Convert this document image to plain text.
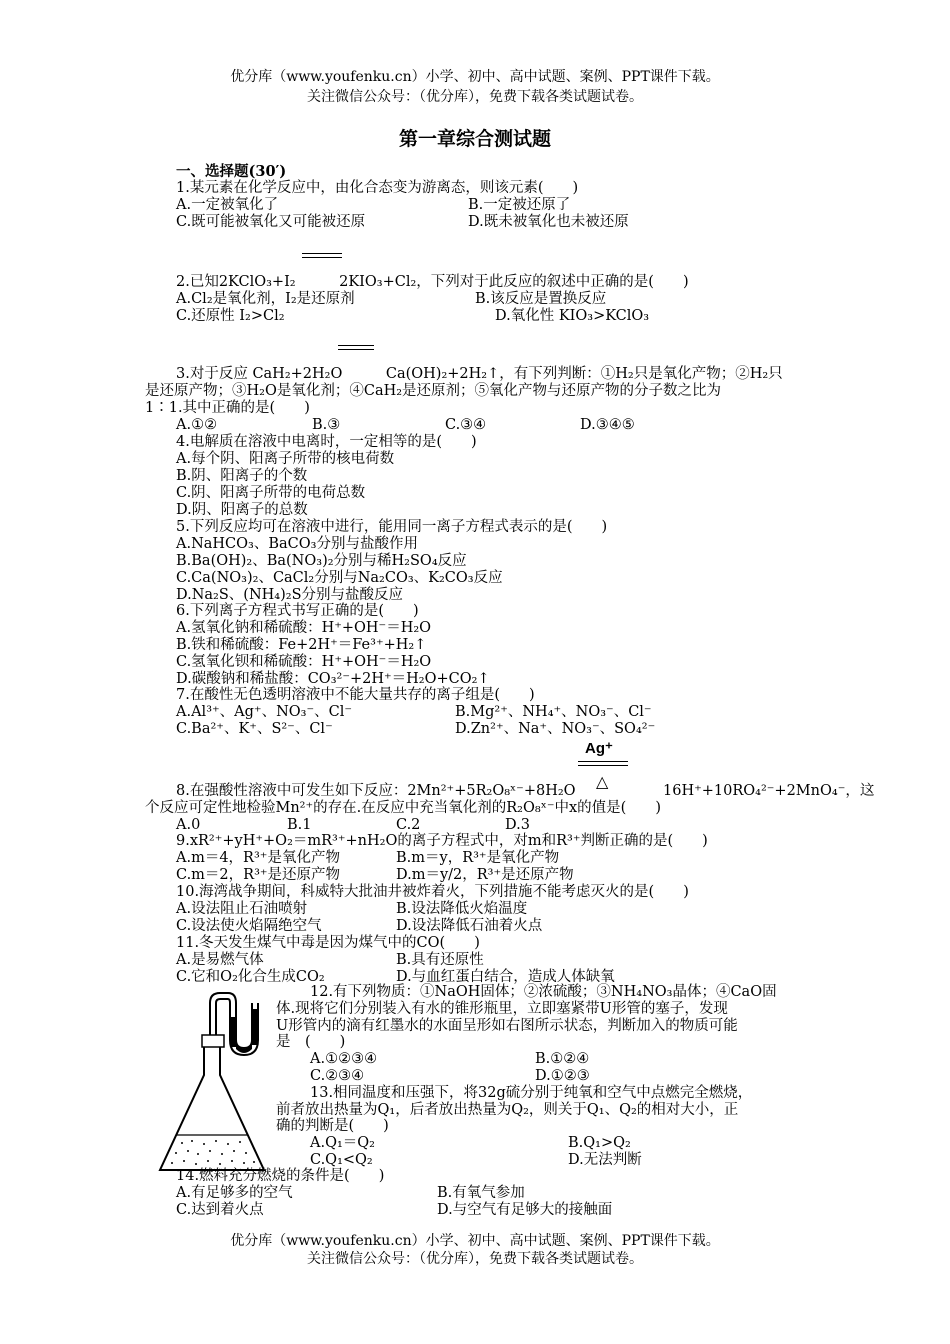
优分库（www.youfenku.cn）小学、初中、高中试题、案例、PPT课件下载。
关注微信公众号：（优分库），免费下载各类试题试卷。
第一章综合测试题
一、选择题(30′)
1.某元素在化学反应中，由化合态变为游离态，则该元素(　　)
A.一定被氧化了	B.一定被还原了
C.既可能被氧化又可能被还原	D.既未被氧化也未被还原
2.已知2KClO₃+I₂　　　2KIO₃+Cl₂，下列对于此反应的叙述中正确的是(　　)
A.Cl₂是氧化剂，I₂是还原剂	B.该反应是置换反应
C.还原性 I₂>Cl₂	D.氧化性 KIO₃>KClO₃
3.对于反应 CaH₂+2H₂O　　　Ca(OH)₂+2H₂↑，有下列判断：①H₂只是氧化产物；②H₂只
是还原产物；③H₂O是氧化剂；④CaH₂是还原剂；⑤氧化产物与还原产物的分子数之比为
1∶1.其中正确的是(　　)
A.①②	B.③	C.③④	D.③④⑤
4.电解质在溶液中电离时，一定相等的是(　　)
A.每个阴、阳离子所带的核电荷数
B.阴、阳离子的个数
C.阴、阳离子所带的电荷总数
D.阴、阳离子的总数
5.下列反应均可在溶液中进行，能用同一离子方程式表示的是(　　)
A.NaHCO₃、BaCO₃分别与盐酸作用
B.Ba(OH)₂、Ba(NO₃)₂分别与稀H₂SO₄反应
C.Ca(NO₃)₂、CaCl₂分别与Na₂CO₃、K₂CO₃反应
D.Na₂S、(NH₄)₂S分别与盐酸反应
6.下列离子方程式书写正确的是(　　)
A.氢氧化钠和稀硫酸：H⁺+OH⁻＝H₂O
B.铁和稀硫酸：Fe+2H⁺＝Fe³⁺+H₂↑
C.氢氧化钡和稀硫酸：H⁺+OH⁻＝H₂O
D.碳酸钠和稀盐酸：CO₃²⁻+2H⁺＝H₂O+CO₂↑
7.在酸性无色透明溶液中不能大量共存的离子组是(　　)
A.Al³⁺、Ag⁺、NO₃⁻、Cl⁻	B.Mg²⁺、NH₄⁺、NO₃⁻、Cl⁻
C.Ba²⁺、K⁺、S²⁻、Cl⁻	D.Zn²⁺、Na⁺、NO₃⁻、SO₄²⁻
Ag⁺
8.在强酸性溶液中可发生如下反应：2Mn²⁺+5R₂O₈ˣ⁻+8H₂O △	16H⁺+10RO₄²⁻+2MnO₄⁻，这
个反应可定性地检验Mn²⁺的存在.在反应中充当氧化剂的R₂O₈ˣ⁻中x的值是(　　)
A.0	B.1	C.2	D.3
9.xR²⁺+yH⁺+O₂＝mR³⁺+nH₂O的离子方程式中，对m和R³⁺判断正确的是(　　)
A.m＝4，R³⁺是氧化产物	B.m＝y，R³⁺是氧化产物
C.m＝2，R³⁺是还原产物	D.m＝y/2，R³⁺是还原产物
10.海湾战争期间，科威特大批油井被炸着火，下列措施不能考虑灭火的是(　　)
A.设法阻止石油喷射	B.设法降低火焰温度
C.设法使火焰隔绝空气	D.设法降低石油着火点
11.冬天发生煤气中毒是因为煤气中的CO(　　)
A.是易燃气体	B.具有还原性
C.它和O₂化合生成CO₂	D.与血红蛋白结合，造成人体缺氧
12.有下列物质：①NaOH固体；②浓硫酸；③NH₄NO₃晶体；④CaO固
体.现将它们分别装入有水的锥形瓶里，立即塞紧带U形管的塞子，发现
U形管内的滴有红墨水的水面呈形如右图所示状态，判断加入的物质可能
是　(　　)
A.①②③④	B.①②④
C.②③④	D.①②③
13.相同温度和压强下，将32g硫分别于纯氧和空气中点燃完全燃烧，
前者放出热量为Q₁，后者放出热量为Q₂，则关于Q₁、Q₂的相对大小，正
确的判断是(　　)
A.Q₁＝Q₂	B.Q₁>Q₂
C.Q₁<Q₂	D.无法判断
14.燃料充分燃烧的条件是(　　)
A.有足够多的空气	B.有氧气参加
C.达到着火点	D.与空气有足够大的接触面
优分库（www.youfenku.cn）小学、初中、高中试题、案例、PPT课件下载。
关注微信公众号：（优分库），免费下载各类试题试卷。
